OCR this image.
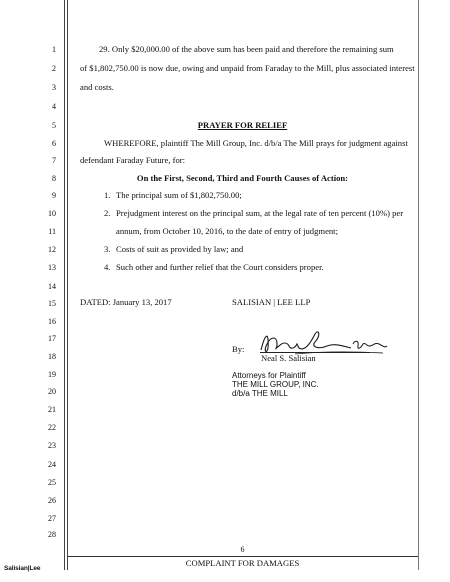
1
2
3
4
5
6
7
8
9
10
11
12
13
14
15
16
17
18
19
20
21
22
23
24
25
26
27
28
29. Only $20,000.00 of the above sum has been paid and therefore the remaining sum
of $1,802,750.00 is now due, owing and unpaid from Faraday to the Mill, plus associated interest
and costs.
PRAYER FOR RELIEF
WHEREFORE, plaintiff The Mill Group, Inc. d/b/a The Mill prays for judgment against
defendant Faraday Future, for:
On the First, Second, Third and Fourth Causes of Action:
1. The principal sum of $1,802,750.00;
2. Prejudgment interest on the principal sum, at the legal rate of ten percent (10%) per
annum, from October 10, 2016, to the date of entry of judgment;
3. Costs of suit as provided by law; and
4. Such other and further relief that the Court considers proper.
DATED: January 13, 2017	SALISIAN | LEE LLP
By:
Neal S. Salisian
Attorneys for Plaintiff
THE MILL GROUP, INC.
d/b/a THE MILL
6
COMPLAINT FOR DAMAGES
Salisian|Lee
